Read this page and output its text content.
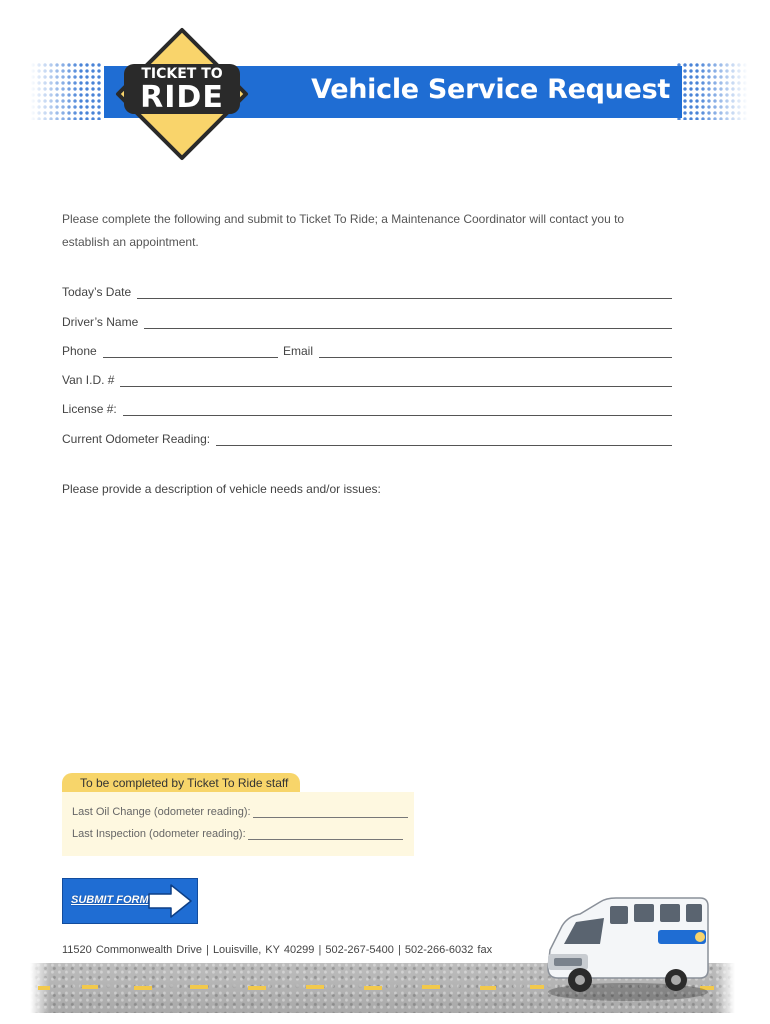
Vehicle Service Request
TICKET TO
RIDE
Please complete the following and submit to Ticket To Ride; a Maintenance Coordinator will contact you to establish an appointment.
Today’s Date
Driver’s Name
Phone	Email
Van I.D. #
License #:
Current Odometer Reading:
Please provide a description of vehicle needs and/or issues:
To be completed by Ticket To Ride staff
Last Oil Change (odometer reading):
Last Inspection (odometer reading):
SUBMIT FORM
11520 Commonwealth Drive | Louisville, KY 40299 | 502-267-5400 | 502-266-6032 fax
